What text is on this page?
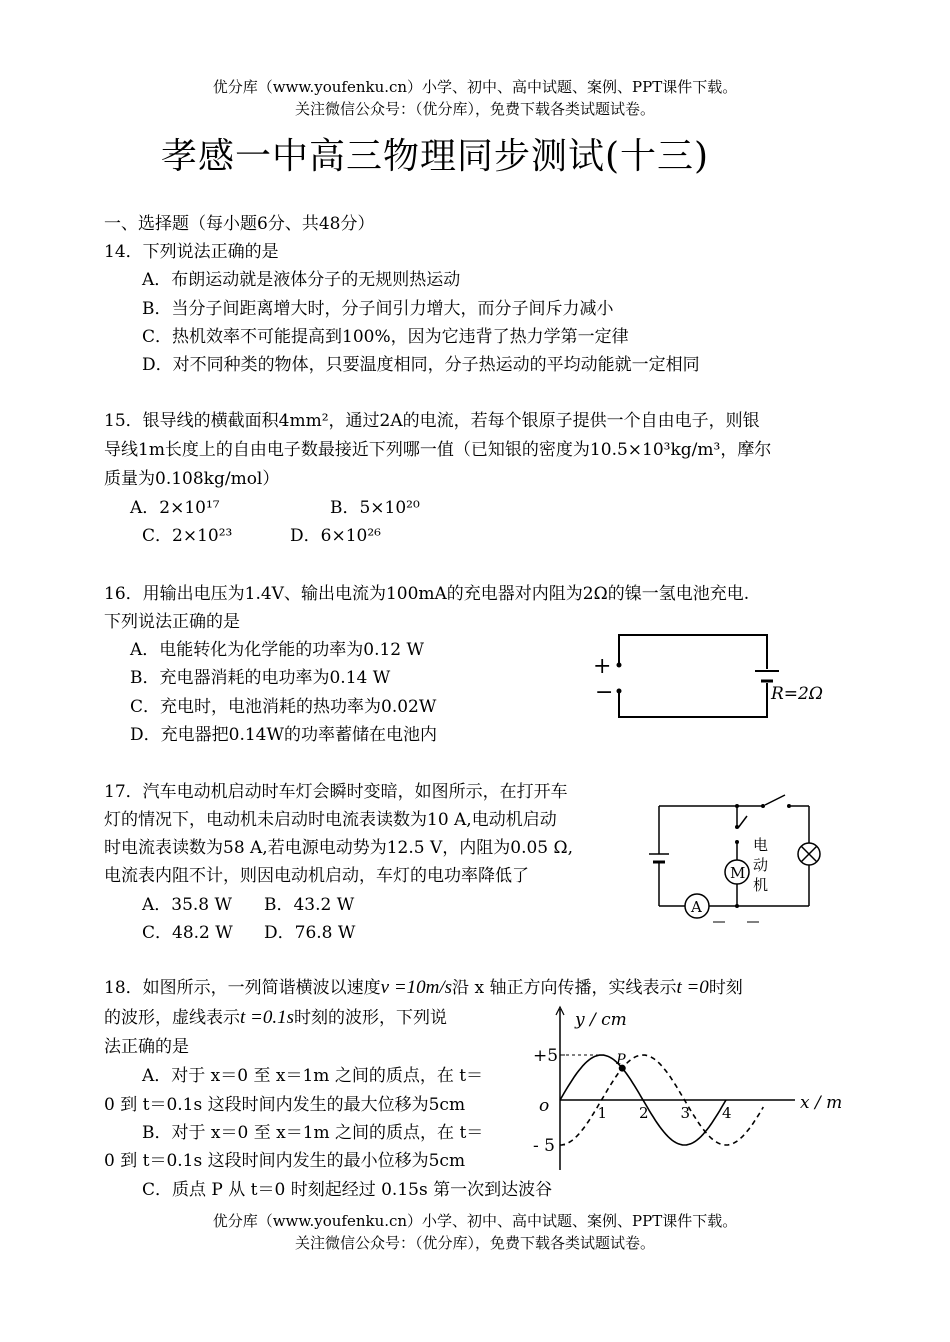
优分库（www.youfenku.cn）小学、初中、高中试题、案例、PPT课件下载。
关注微信公众号：（优分库），免费下载各类试题试卷。
孝感一中高三物理同步测试(十三)
一、选择题（每小题6分、共48分）
14．下列说法正确的是
A．布朗运动就是液体分子的无规则热运动
B．当分子间距离增大时，分子间引力增大，而分子间斥力减小
C．热机效率不可能提高到100%，因为它违背了热力学第一定律
D．对不同种类的物体，只要温度相同，分子热运动的平均动能就一定相同
15．银导线的横截面积4mm²，通过2A的电流，若每个银原子提供一个自由电子，则银
导线1m长度上的自由电子数最接近下列哪一值（已知银的密度为10.5×10³kg/m³，摩尔
质量为0.108kg/mol）
A．2×10¹⁷	B．5×10²⁰
C．2×10²³	D．6×10²⁶
16．用输出电压为1.4V、输出电流为100mA的充电器对内阻为2Ω的镍一氢电池充电.
下列说法正确的是
A．电能转化为化学能的功率为0.12 W
B．充电器消耗的电功率为0.14 W
C．充电时，电池消耗的热功率为0.02W
D．充电器把0.14W的功率蓄储在电池内
+
−	R=2Ω
17．汽车电动机启动时车灯会瞬时变暗，如图所示，在打开车
灯的情况下，电动机未启动时电流表读数为10 A,电动机启动
时电流表读数为58 A,若电源电动势为12.5 V，内阻为0.05 Ω,
电流表内阻不计，则因电动机启动，车灯的电功率降低了
A．35.8 W B．43.2 W
C．48.2 W D．76.8 W
M
电
动
机
A
18．如图所示，一列简谐横波以速度v =10m/s沿 x 轴正方向传播，实线表示t =0时刻
的波形，虚线表示t =0.1s时刻的波形，下列说
法正确的是
A．对于 x＝0 至 x＝1m 之间的质点，在 t＝
0 到 t＝0.1s 这段时间内发生的最大位移为5cm
B．对于 x＝0 至 x＝1m 之间的质点，在 t＝
0 到 t＝0.1s 这段时间内发生的最小位移为5cm
C．质点 P 从 t＝0 时刻起经过 0.15s 第一次到达波谷
y / cm
x / m
o
+5
- 5
1 2 3 4
P
优分库（www.youfenku.cn）小学、初中、高中试题、案例、PPT课件下载。
关注微信公众号：（优分库），免费下载各类试题试卷。
